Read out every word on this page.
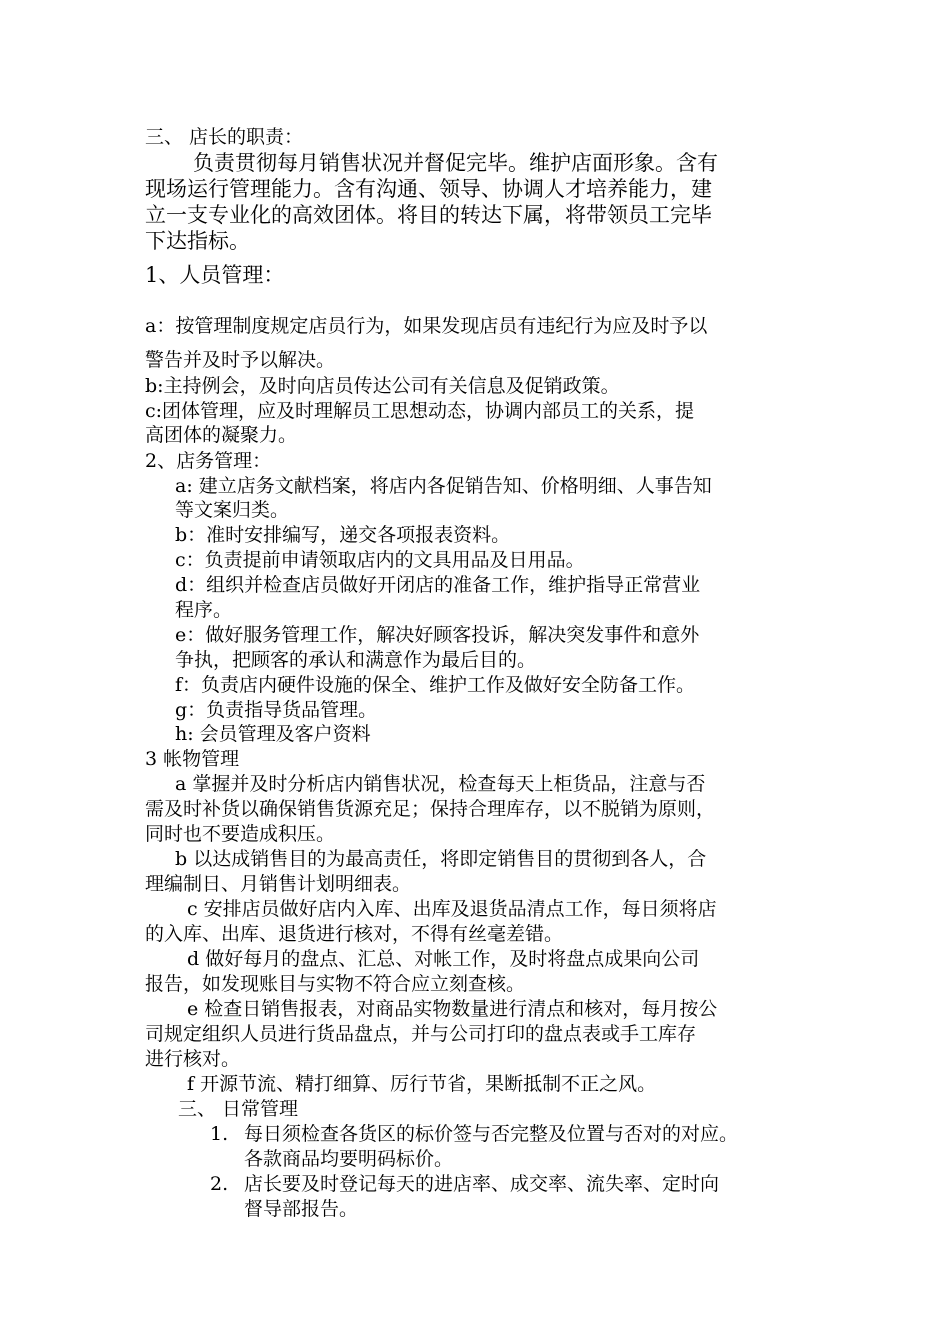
三、 店长的职责：
负责贯彻每月销售状况并督促完毕。维护店面形象。含有
现场运行管理能力。含有沟通、领导、协调人才培养能力，建
立一支专业化的高效团体。将目的转达下属，将带领员工完毕
下达指标。
1、人员管理：
a：按管理制度规定店员行为，如果发现店员有违纪行为应及时予以
警告并及时予以解决。
b:主持例会，及时向店员传达公司有关信息及促销政策。
c:团体管理，应及时理解员工思想动态，协调内部员工的关系，提
高团体的凝聚力。
2、店务管理：
a: 建立店务文献档案，将店内各促销告知、价格明细、人事告知
等文案归类。
b：准时安排编写，递交各项报表资料。
c：负责提前申请领取店内的文具用品及日用品。
d：组织并检查店员做好开闭店的准备工作，维护指导正常营业
程序。
e：做好服务管理工作，解决好顾客投诉，解决突发事件和意外
争执，把顾客的承认和满意作为最后目的。
f：负责店内硬件设施的保全、维护工作及做好安全防备工作。
g：负责指导货品管理。
h: 会员管理及客户资料
3 帐物管理
a 掌握并及时分析店内销售状况，检查每天上柜货品，注意与否
需及时补货以确保销售货源充足；保持合理库存，以不脱销为原则，
同时也不要造成积压。
b 以达成销售目的为最高责任，将即定销售目的贯彻到各人，合
理编制日、月销售计划明细表。
c 安排店员做好店内入库、出库及退货品清点工作，每日须将店
的入库、出库、退货进行核对，不得有丝毫差错。
d 做好每月的盘点、汇总、对帐工作，及时将盘点成果向公司
报告，如发现账目与实物不符合应立刻查核。
e 检查日销售报表，对商品实物数量进行清点和核对，每月按公
司规定组织人员进行货品盘点，并与公司打印的盘点表或手工库存
进行核对。
f 开源节流、精打细算、厉行节省，果断抵制不正之风。
三、 日常管理
1. 每日须检查各货区的标价签与否完整及位置与否对的对应。
各款商品均要明码标价。
2. 店长要及时登记每天的进店率、成交率、流失率、定时向
督导部报告。
